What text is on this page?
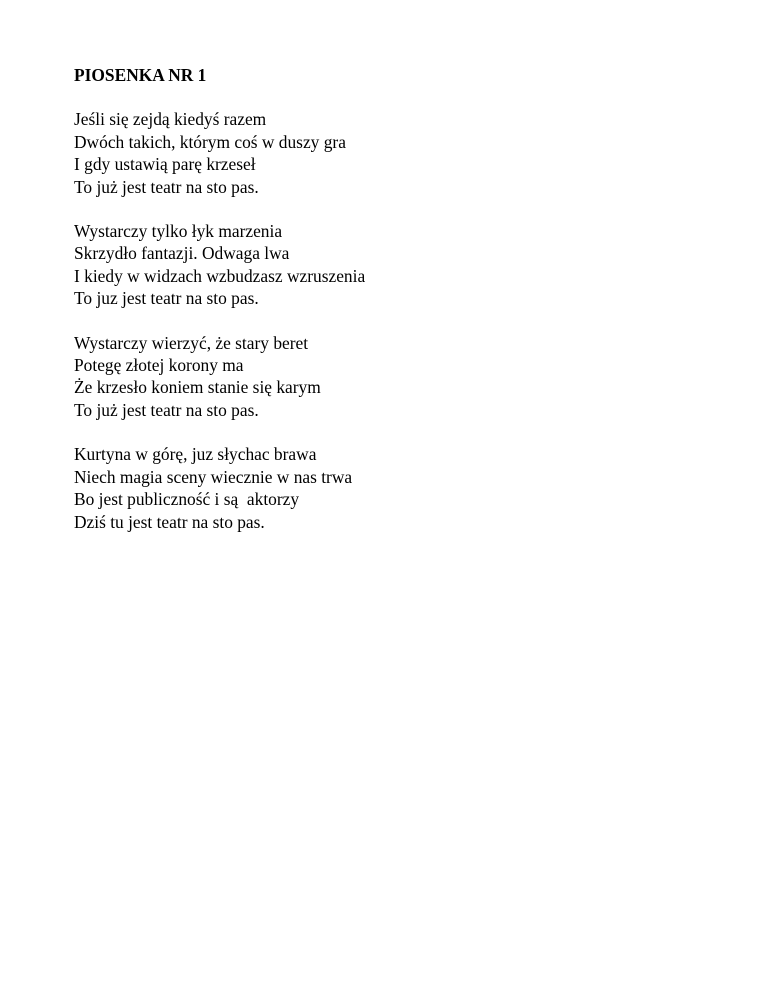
PIOSENKA NR 1
Jeśli się zejdą kiedyś razem
Dwóch takich, którym coś w duszy gra
I gdy ustawią parę krzeseł
To już jest teatr na sto pas.
Wystarczy tylko łyk marzenia
Skrzydło fantazji. Odwaga lwa
I kiedy w widzach wzbudzasz wzruszenia
To juz jest teatr na sto pas.
Wystarczy wierzyć, że stary beret
Potegę złotej korony ma
Że krzesło koniem stanie się karym
To już jest teatr na sto pas.
Kurtyna w górę, juz słychac brawa
Niech magia sceny wiecznie w nas trwa
Bo jest publiczność i są  aktorzy
Dziś tu jest teatr na sto pas.
